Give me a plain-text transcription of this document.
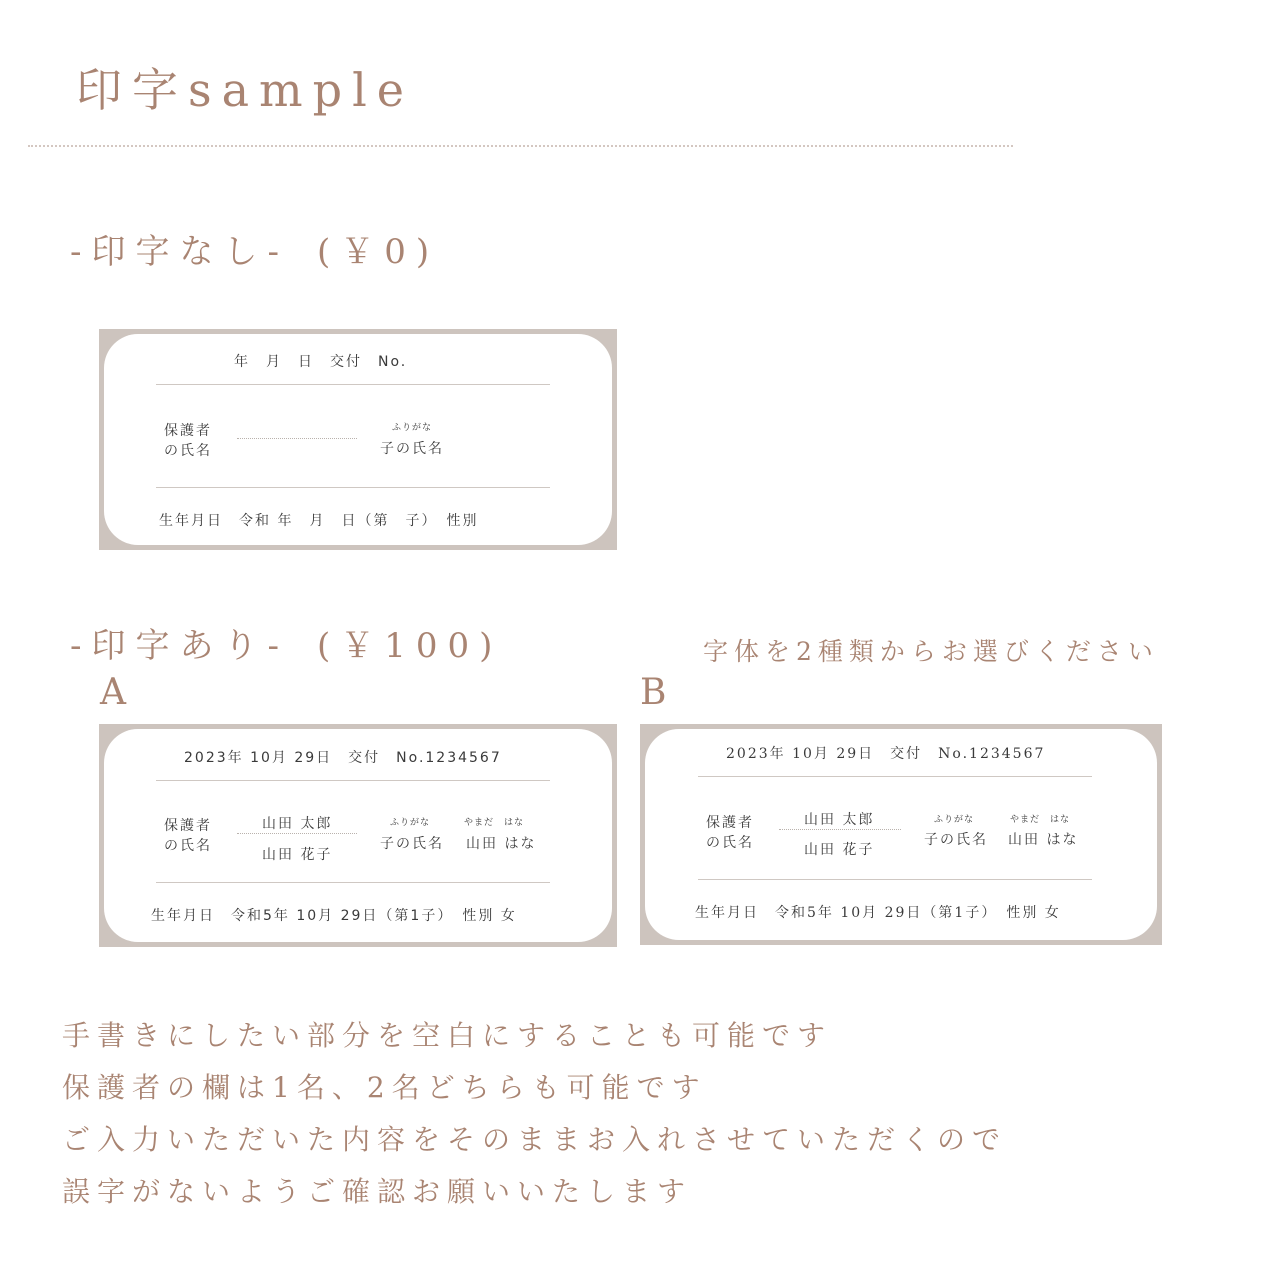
印字sample
-印字なし- (￥0)
年　月　日　交付　No.
保護者
の氏名
ふりがな
子の氏名
生年月日　令和 年　月　日（第　子）　性別
-印字あり- (￥100)	字体を2種類からお選びください
A	B
2023年 10月 29日　交付　No.1234567
保護者
の氏名
山田 太郎
山田 花子
ふりがな
子の氏名
やまだ　はな
山田 はな
生年月日　令和5年 10月 29日（第1子）　性別 女
2023年 10月 29日　交付　No.1234567
保護者
の氏名
山田 太郎
山田 花子
ふりがな
子の氏名
やまだ　はな
山田 はな
生年月日　令和5年 10月 29日（第1子）　性別 女
手書きにしたい部分を空白にすることも可能です
保護者の欄は1名、2名どちらも可能です
ご入力いただいた内容をそのままお入れさせていただくので
誤字がないようご確認お願いいたします
